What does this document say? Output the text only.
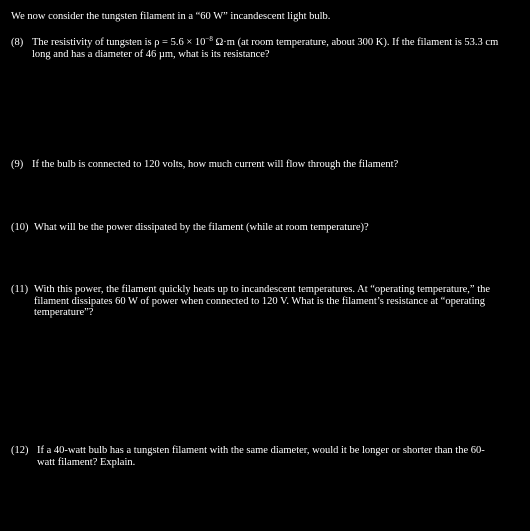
We now consider the tungsten filament in a “60 W” incandescent light bulb.
(8) The resistivity of tungsten is $\rho = 5.6 \times 10^{-8}$ Ω·m (at room temperature, about 300 K). If the filament is 53.3 cm long and has a diameter of 46 µm, what is its resistance?
(9) If the bulb is connected to 120 volts, how much current will flow through the filament?
(10) What will be the power dissipated by the filament (while at room temperature)?
(11) With this power, the filament quickly heats up to incandescent temperatures. At “operating temperature,” the filament dissipates 60 W of power when connected to 120 V. What is the filament’s resistance at “operating temperature”?
(12) If a 40-watt bulb has a tungsten filament with the same diameter, would it be longer or shorter than the 60-watt filament? Explain.
